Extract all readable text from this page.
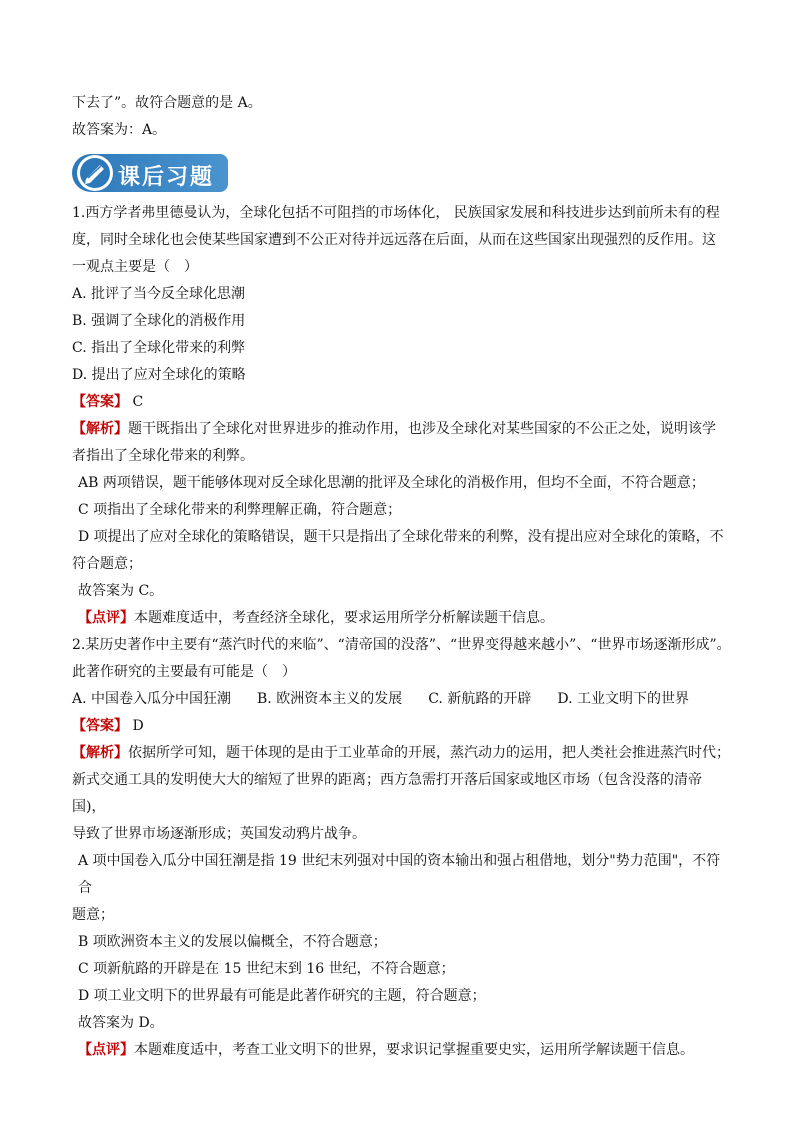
下去了”。故符合题意的是 A。

故答案为：A。

课后习题

1.西方学者弗里德曼认为，全球化包括不可阻挡的市场体化， 民族国家发展和科技进步达到前所未有的程

度，同时全球化也会使某些国家遭到不公正对待并远远落在后面，从而在这些国家出现强烈的反作用。这

一观点主要是（　）

A. 批评了当今反全球化思潮

B. 强调了全球化的消极作用

C. 指出了全球化带来的利弊

D. 提出了应对全球化的策略

【答案】 C

【解析】题干既指出了全球化对世界进步的推动作用，也涉及全球化对某些国家的不公正之处，说明该学

者指出了全球化带来的利弊。

AB 两项错误，题干能够体现对反全球化思潮的批评及全球化的消极作用，但均不全面，不符合题意；

C 项指出了全球化带来的利弊理解正确，符合题意；

D 项提出了应对全球化的策略错误，题干只是指出了全球化带来的利弊，没有提出应对全球化的策略，不

符合题意；

故答案为 C。

【点评】本题难度适中，考查经济全球化，要求运用所学分析解读题干信息。

2.某历史著作中主要有“蒸汽时代的来临”、“清帝国的没落”、“世界变得越来越小”、“世界市场逐渐形成”。

此著作研究的主要最有可能是（　）

A. 中国卷入瓜分中国狂潮 B. 欧洲资本主义的发展 C. 新航路的开辟 D. 工业文明下的世界

【答案】 D

【解析】依据所学可知，题干体现的是由于工业革命的开展，蒸汽动力的运用，把人类社会推进蒸汽时代；

新式交通工具的发明使大大的缩短了世界的距离；西方急需打开落后国家或地区市场（包含没落的清帝国)，

导致了世界市场逐渐形成；英国发动鸦片战争。

A 项中国卷入瓜分中国狂潮是指 19 世纪末列强对中国的资本输出和强占租借地，划分"势力范围"，不符合

题意；

B 项欧洲资本主义的发展以偏概全，不符合题意；

C 项新航路的开辟是在 15 世纪末到 16 世纪，不符合题意；

D 项工业文明下的世界最有可能是此著作研究的主题，符合题意；

故答案为 D。

【点评】本题难度适中，考查工业文明下的世界，要求识记掌握重要史实，运用所学解读题干信息。
